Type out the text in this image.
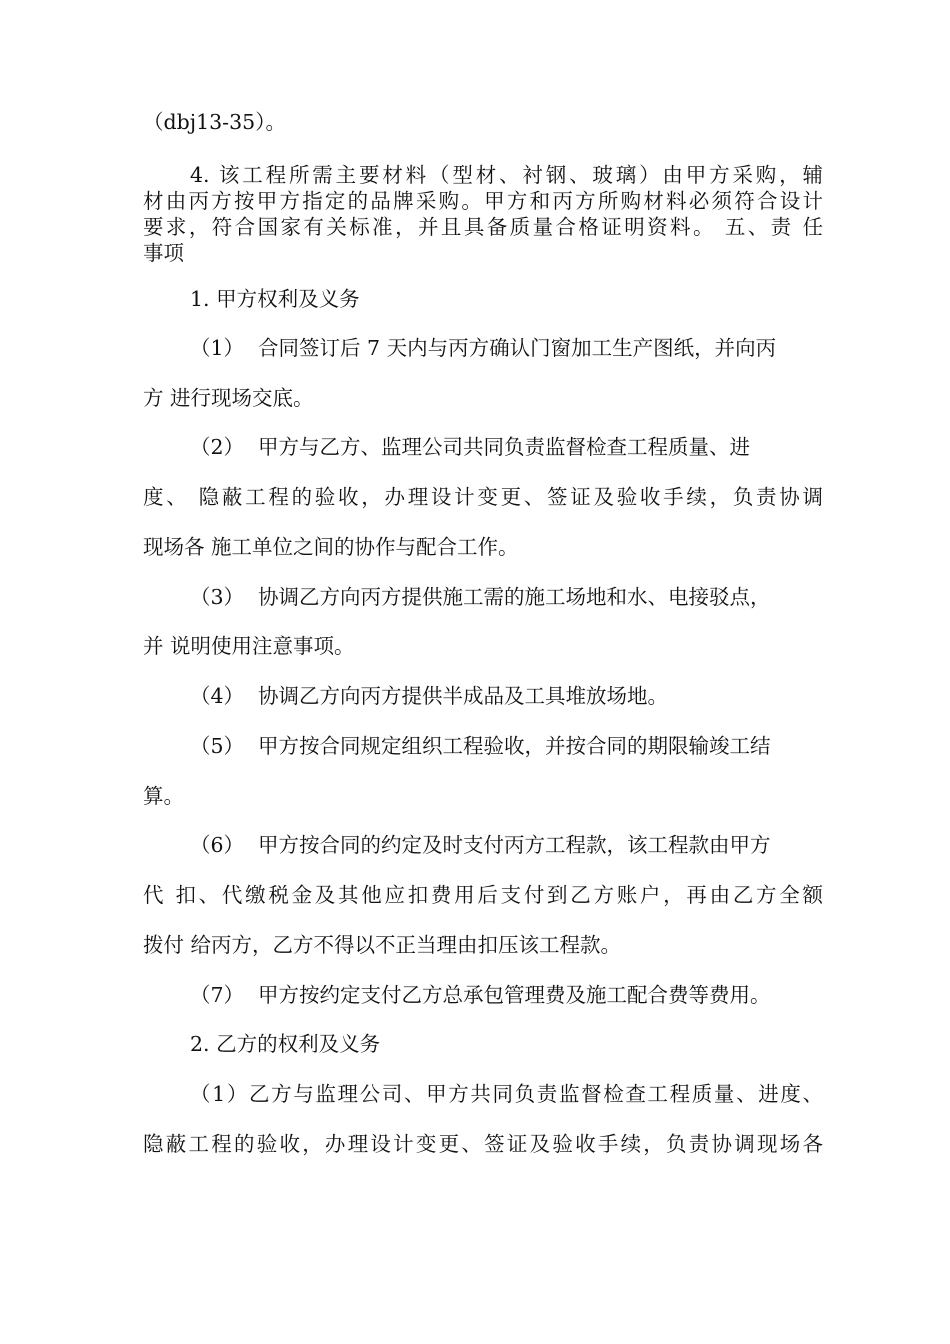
（dbj13-35）。
4. 该工程所需主要材料（型材、衬钢、玻璃）由甲方采购，辅
材由丙方按甲方指定的品牌采购。甲方和丙方所购材料必须符合设计
要求，符合国家有关标准，并且具备质量合格证明资料。 五、责 任
事项
1. 甲方权利及义务
（1） 合同签订后 7 天内与丙方确认门窗加工生产图纸，并向丙
方 进行现场交底。
（2） 甲方与乙方、监理公司共同负责监督检查工程质量、进
度、 隐蔽工程的验收，办理设计变更、签证及验收手续，负责协调
现场各 施工单位之间的协作与配合工作。
（3） 协调乙方向丙方提供施工需的施工场地和水、电接驳点，
并 说明使用注意事项。
（4） 协调乙方向丙方提供半成品及工具堆放场地。
（5） 甲方按合同规定组织工程验收，并按合同的期限输竣工结
算。
（6） 甲方按合同的约定及时支付丙方工程款，该工程款由甲方
代 扣、代缴税金及其他应扣费用后支付到乙方账户，再由乙方全额
拨付 给丙方，乙方不得以不正当理由扣压该工程款。
（7） 甲方按约定支付乙方总承包管理费及施工配合费等费用。
2. 乙方的权利及义务
（1）乙方与监理公司、甲方共同负责监督检查工程质量、进度、
隐蔽工程的验收，办理设计变更、签证及验收手续，负责协调现场各
